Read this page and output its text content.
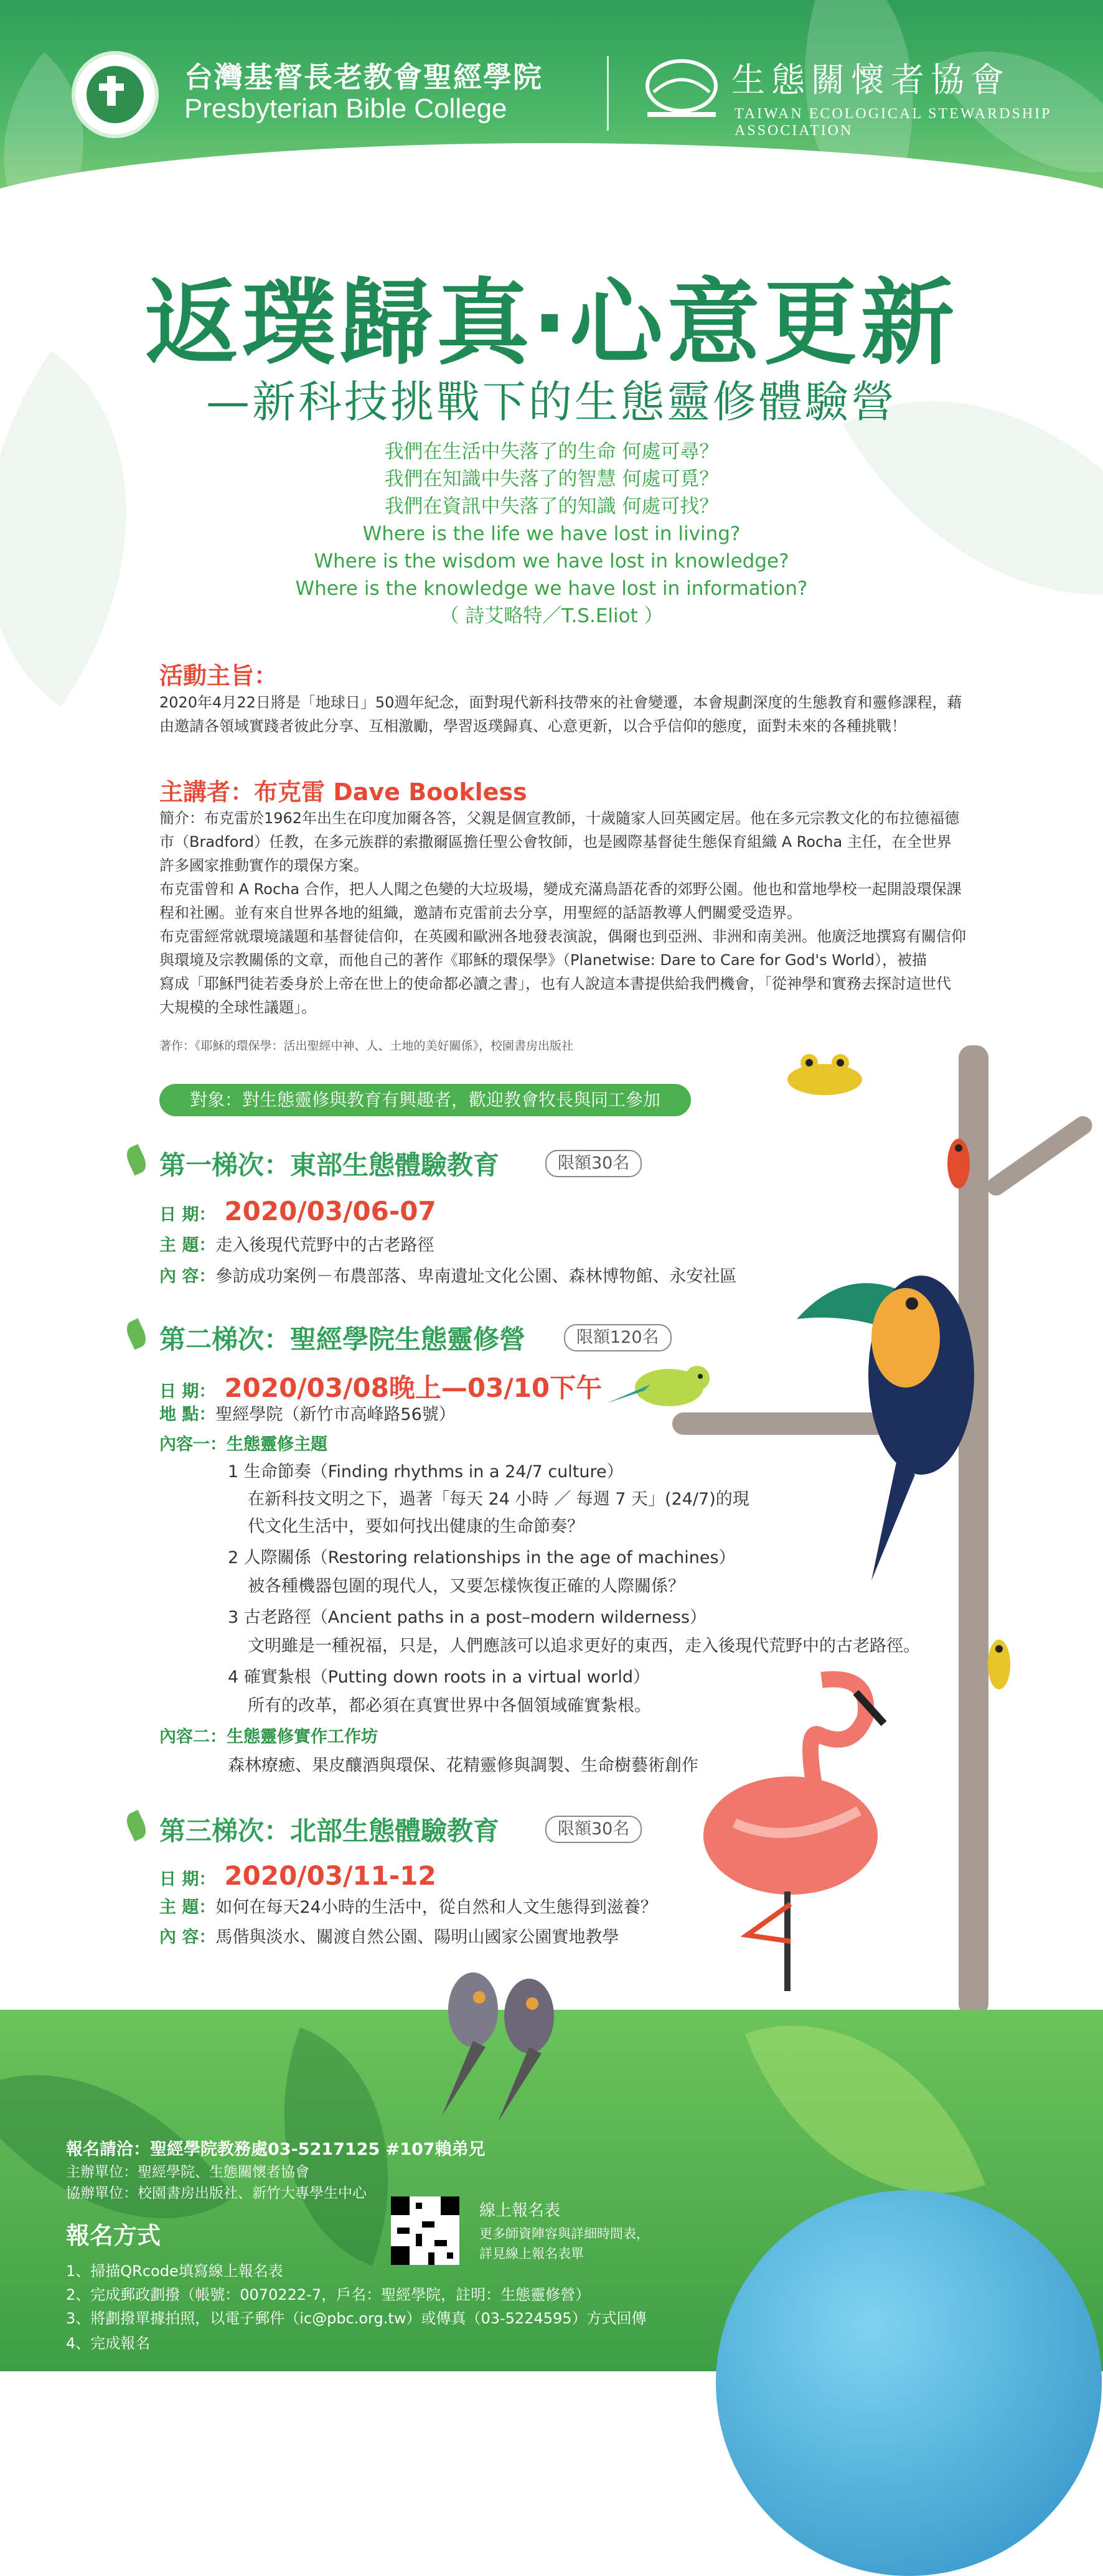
台灣基督長老教會聖經學院
Presbyterian Bible College
生態關懷者協會
TAIWAN ECOLOGICAL STEWARDSHIP ASSOCIATION
返璞歸真‧心意更新
—新科技挑戰下的生態靈修體驗營
我們在生活中失落了的生命 何處可尋？
我們在知識中失落了的智慧 何處可覓？
我們在資訊中失落了的知識 何處可找？
Where is the life we have lost in living?
Where is the wisdom we have lost in knowledge?
Where is the knowledge we have lost in information?
（ 詩艾略特／T.S.Eliot ）
活動主旨：
2020年4月22日將是「地球日」50週年紀念，面對現代新科技帶來的社會變遷，本會規劃深度的生態教育和靈修課程，藉
由邀請各領域實踐者彼此分享、互相激勵，學習返璞歸真、心意更新，以合乎信仰的態度，面對未來的各種挑戰！
主講者：布克雷 Dave Bookless
簡介：布克雷於1962年出生在印度加爾各答，父親是個宣教師，十歲隨家人回英國定居。他在多元宗教文化的布拉德福德
市（Bradford）任教，在多元族群的索撒爾區擔任聖公會牧師，也是國際基督徒生態保育組織 A Rocha 主任，在全世界
許多國家推動實作的環保方案。
布克雷曾和 A Rocha 合作，把人人聞之色變的大垃圾場，變成充滿鳥語花香的郊野公園。他也和當地學校一起開設環保課
程和社團。並有來自世界各地的組織，邀請布克雷前去分享，用聖經的話語教導人們關愛受造界。
布克雷經常就環境議題和基督徒信仰，在英國和歐洲各地發表演說，偶爾也到亞洲、非洲和南美洲。他廣泛地撰寫有關信仰
與環境及宗教關係的文章，而他自己的著作《耶穌的環保學》（Planetwise: Dare to Care for God's World），被描
寫成「耶穌門徒若委身於上帝在世上的使命都必讀之書」，也有人說這本書提供給我們機會，「從神學和實務去探討這世代
大規模的全球性議題」。
著作：《耶穌的環保學：活出聖經中神、人、土地的美好關係》，校園書房出版社
對象：對生態靈修與教育有興趣者，歡迎教會牧長與同工參加
第一梯次：東部生態體驗教育	限額30名
日 期： 2020/03/06-07
主 題：走入後現代荒野中的古老路徑
內 容：參訪成功案例－布農部落、卑南遺址文化公園、森林博物館、永安社區
第二梯次：聖經學院生態靈修營	限額120名
日 期： 2020/03/08晚上—03/10下午
地 點：聖經學院（新竹市高峰路56號）
內容一：生態靈修主題
1 生命節奏（Finding rhythms in a 24/7 culture）
在新科技文明之下，過著「每天 24 小時 ／ 每週 7 天」(24/7)的現
代文化生活中，要如何找出健康的生命節奏？
2 人際關係（Restoring relationships in the age of machines）
被各種機器包圍的現代人，又要怎樣恢復正確的人際關係？
3 古老路徑（Ancient paths in a post–modern wilderness）
文明雖是一種祝福，只是，人們應該可以追求更好的東西，走入後現代荒野中的古老路徑。
4 確實紮根（Putting down roots in a virtual world）
所有的改革，都必須在真實世界中各個領域確實紮根。
內容二：生態靈修實作工作坊
森林療癒、果皮釀酒與環保、花精靈修與調製、生命樹藝術創作
第三梯次：北部生態體驗教育	限額30名
日 期： 2020/03/11-12
主 題：如何在每天24小時的生活中，從自然和人文生態得到滋養？
內 容：馬偕與淡水、關渡自然公園、陽明山國家公園實地教學
報名請洽：聖經學院教務處03-5217125 #107賴弟兄
主辦單位：聖經學院、生態關懷者協會
協辦單位：校園書房出版社、新竹大專學生中心
報名方式
1、掃描QRcode填寫線上報名表
2、完成郵政劃撥（帳號：0070222-7，戶名：聖經學院，註明：生態靈修營）
3、將劃撥單據拍照，以電子郵件（ic@pbc.org.tw）或傳真（03-5224595）方式回傳
4、完成報名
線上報名表
更多師資陣容與詳細時間表，
詳見線上報名表單
